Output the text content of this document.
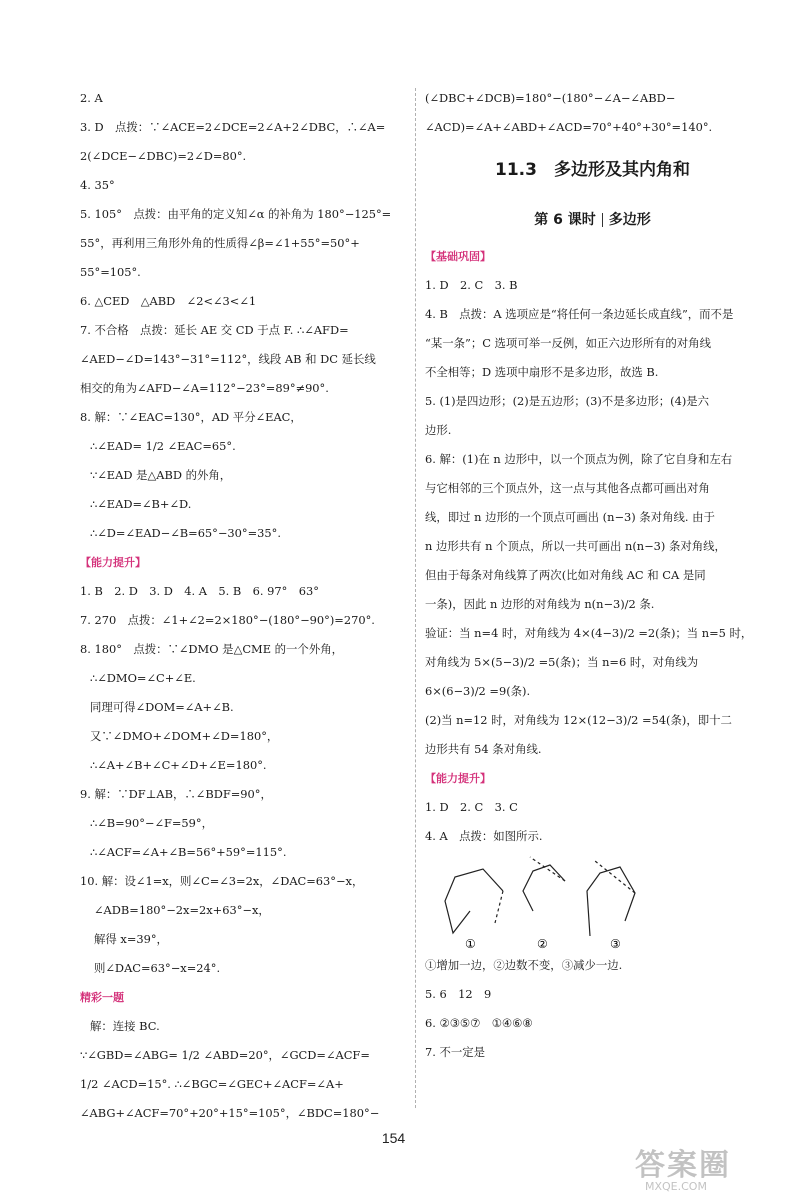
2. A
3. D　点拨：∵∠ACE=2∠DCE=2∠A+2∠DBC，∴∠A=
2(∠DCE−∠DBC)=2∠D=80°.
4. 35°
5. 105°　点拨：由平角的定义知∠α 的补角为 180°−125°=
55°，再利用三角形外角的性质得∠β=∠1+55°=50°+
55°=105°.
6. △CED　△ABD　∠2<∠3<∠1
7. 不合格　点拨：延长 AE 交 CD 于点 F. ∴∠AFD=
∠AED−∠D=143°−31°=112°，线段 AB 和 DC 延长线
相交的角为∠AFD−∠A=112°−23°=89°≠90°.
8. 解：∵∠EAC=130°，AD 平分∠EAC，
∴∠EAD= 1/2 ∠EAC=65°.
∵∠EAD 是△ABD 的外角，
∴∠EAD=∠B+∠D.
∴∠D=∠EAD−∠B=65°−30°=35°.
【能力提升】
1. B　2. D　3. D　4. A　5. B　6. 97°　63°
7. 270　点拨：∠1+∠2=2×180°−(180°−90°)=270°.
8. 180°　点拨：∵∠DMO 是△CME 的一个外角，
∴∠DMO=∠C+∠E.
同理可得∠DOM=∠A+∠B.
又∵∠DMO+∠DOM+∠D=180°，
∴∠A+∠B+∠C+∠D+∠E=180°.
9. 解：∵DF⊥AB，∴∠BDF=90°，
∴∠B=90°−∠F=59°，
∴∠ACF=∠A+∠B=56°+59°=115°.
10. 解：设∠1=x，则∠C=∠3=2x，∠DAC=63°−x，
∠ADB=180°−2x=2x+63°−x，
解得 x=39°，
则∠DAC=63°−x=24°.
精彩一题
解：连接 BC.
∵∠GBD=∠ABG= 1/2 ∠ABD=20°，∠GCD=∠ACF=
1/2 ∠ACD=15°. ∴∠BGC=∠GEC+∠ACF=∠A+
∠ABG+∠ACF=70°+20°+15°=105°，∠BDC=180°−
(∠DBC+∠DCB)=180°−(180°−∠A−∠ABD−
∠ACD)=∠A+∠ABD+∠ACD=70°+40°+30°=140°.
11.3　多边形及其内角和
第 6 课时 多边形
【基础巩固】
1. D　2. C　3. B
4. B　点拨：A 选项应是“将任何一条边延长成直线”，而不是
“某一条”；C 选项可举一反例，如正六边形所有的对角线
不全相等；D 选项中扇形不是多边形，故选 B.
5. (1)是四边形；(2)是五边形；(3)不是多边形；(4)是六
边形.
6. 解：(1)在 n 边形中，以一个顶点为例，除了它自身和左右
与它相邻的三个顶点外，这一点与其他各点都可画出对角
线，即过 n 边形的一个顶点可画出 (n−3) 条对角线. 由于
n 边形共有 n 个顶点，所以一共可画出 n(n−3) 条对角线，
但由于每条对角线算了两次(比如对角线 AC 和 CA 是同
一条)，因此 n 边形的对角线为 n(n−3)/2 条.
验证：当 n=4 时，对角线为 4×(4−3)/2 =2(条)；当 n=5 时，
对角线为 5×(5−3)/2 =5(条)；当 n=6 时，对角线为
6×(6−3)/2 =9(条).
(2)当 n=12 时，对角线为 12×(12−3)/2 =54(条)，即十二
边形共有 54 条对角线.
【能力提升】
1. D　2. C　3. C
4. A　点拨：如图所示.
①	②	③
①增加一边，②边数不变，③减少一边.
5. 6　12　9
6. ②③⑤⑦　①④⑥⑧
7. 不一定是
154
答案圈
MXQE.COM
